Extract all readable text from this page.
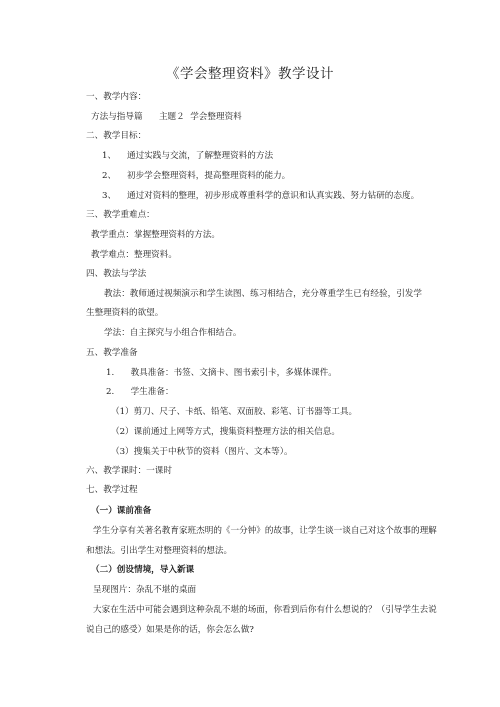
《学会整理资料》教学设计
一、教学内容：
方法与指导篇      主题２  学会整理资料
二、教学目标：
1、    通过实践与交流，了解整理资料的方法
2、    初步学会整理资料，提高整理资料的能力。
3、    通过对资料的整理，初步形成尊重科学的意识和认真实践、努力钻研的态度。
三、教学重难点：
教学重点：掌握整理资料的方法。
教学难点：整理资料。
四、教法与学法
教法：教师通过视频演示和学生读图、练习相结合，充分尊重学生已有经验，引发学
生整理资料的欲望。
学法：自主探究与小组合作相结合。
五、教学准备
1.      教具准备：书签、文摘卡、图书索引卡，多媒体课件。
2.      学生准备：
（1）剪刀、尺子、卡纸、铅笔、双面胶、彩笔、订书器等工具。
（2）课前通过上网等方式，搜集资料整理方法的相关信息。
（3）搜集关于中秋节的资料（图片、文本等）。
六、教学课时：一课时
七、教学过程
（一）课前准备
学生分享有关著名教育家班杰明的《一分钟》的故事，让学生谈一谈自己对这个故事的理解
和想法。引出学生对整理资料的想法。
（二）创设情境，导入新课
呈现图片：杂乱不堪的桌面
大家在生活中可能会遇到这种杂乱不堪的场面，你看到后你有什么想说的？（引导学生去说
说自己的感受）如果是你的话，你会怎么做?
